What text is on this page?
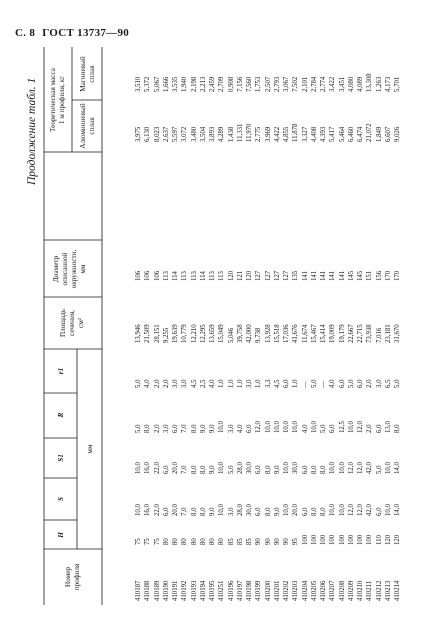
С. 8 ГОСТ 13737—90
Продолжение табл. 1
Номер профиля
H
S
S1
R
r1
мм
Площадь сечения, см²
Диаметр описанной окружности, мм
Теоретическая масса 1 м профиля, кг
Алюминиевый сплав
Магниевый сплав
410187 410188 410189 410190 410191 410192 410193 410194 410195 410251 410196 410197 410198 410199 410200 410201 410202 410203 410204 410205 410206 410207 410208 410209 410210 410211 410212 410213 410214
75 75 75 80 80 80 80 80 80 80 85 85 85 90 90 90 90 95 100 100 100 100 100 100 100 100 110 120 120
10,0 16,0 22,0 6,0 20,0 7,0 8,0 8,0 9,0 10,0 3,0 28,0 30,0 6,0 8,0 9,0 10,0 20,0 6,0 8,0 8,0 10,0 10,0 12,0 12,0 42,0 6,0 10,0 14,0
10,0 16,0 22,0 6,0 20,0 7,0 8,0 8,0 9,0 10,0 5,0 28,0 30,0 6,0 8,0 9,0 10,0 30,0 6,0 8,0 8,0 10,0 10,0 12,0 12,0 42,0 5,0 10,0 14,0
5,0 8,0 2,0 3,0 6,0 7,0 8,0 9,0 9,0 10,0 3,0 4,0 6,0 12,0 10,0 10,0 10,0 10,0 4,0 10,0 5,0 6,0 12,5 10,0 12,0 2,0 6,0 13,0 8,0
5,0 4,0 2,0 2,0 3,0 3,0 4,5 2,5 4,0 1,0 1,0 1,0 3,0 1,0 3,3 4,5 6,0 1,0 — 5,0 — 4,0 6,0 5,0 6,0 2,0 3,0 6,5 5,0
13,946 21,509 28,151 9,255 19,639 10,779 12,210 12,295 13,659 15,049 5,046 39,758 42,000 9,738 13,928 15,518 17,036 41,676 11,674 15,467 15,414 19,009 19,179 22,667 22,715 73,938 7,016 23,181 31,670
106 106 106 113 114 113 113 114 113 113 120 121 120 127 127 127 127 135 141 141 141 141 141 145 145 151 156 170 170
3,975 6,130 8,023 2,637 5,597 3,072 3,480 3,504 3,893 4,289 1,438 11,331 11,970 2,775 3,969 4,422 4,855 11,878 3,327 4,408 4,393 5,417 5,464 6,460 6,474 21,072 1,849 6,607 9,026
3,510 5,372 5,067 1,666 3,535 1,940 2,198 2,213 2,459 2,709 0,908 7,156 7,560 1,753 2,507 2,793 3,067 7,502 2,101 2,784 2,774 3,422 3,451 4,080 4,089 13,308 1,263 4,173 5,701
